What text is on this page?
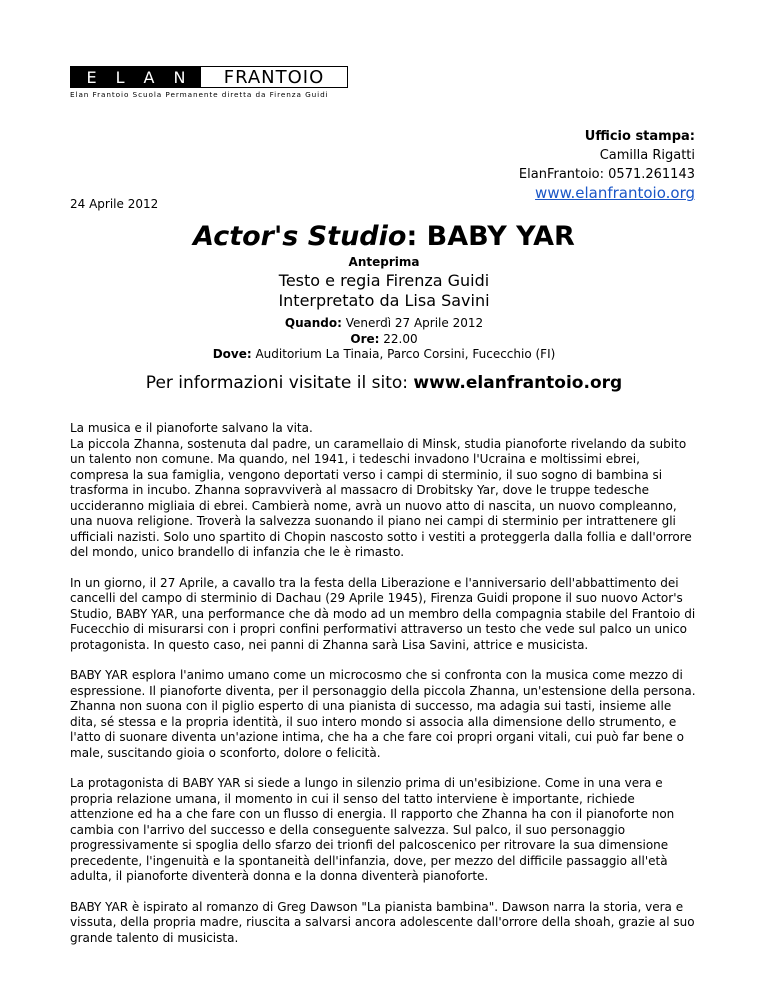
E L A N	FRANTOIO
Elan Frantoio Scuola Permanente diretta da Firenza Guidi
Ufficio stampa:
Camilla Rigatti
ElanFrantoio: 0571.261143
www.elanfrantoio.org
24 Aprile 2012
Actor's Studio: BABY YAR
Anteprima
Testo e regia Firenza Guidi
Interpretato da Lisa Savini
Quando: Venerdì 27 Aprile 2012
Ore: 22.00
Dove: Auditorium La Tinaia, Parco Corsini, Fucecchio (FI)
Per informazioni visitate il sito: www.elanfrantoio.org

La musica e il pianoforte salvano la vita.
La piccola Zhanna, sostenuta dal padre, un caramellaio di Minsk, studia pianoforte rivelando da subito un talento non comune. Ma quando, nel 1941, i tedeschi invadono l'Ucraina e moltissimi ebrei, compresa la sua famiglia, vengono deportati verso i campi di sterminio, il suo sogno di bambina si trasforma in incubo. Zhanna sopravviverà al massacro di Drobitsky Yar, dove le truppe tedesche uccideranno migliaia di ebrei. Cambierà nome, avrà un nuovo atto di nascita, un nuovo compleanno, una nuova religione. Troverà la salvezza suonando il piano nei campi di sterminio per intrattenere gli ufficiali nazisti. Solo uno spartito di Chopin nascosto sotto i vestiti a proteggerla dalla follia e dall'orrore del mondo, unico brandello di infanzia che le è rimasto.

In un giorno, il 27 Aprile, a cavallo tra la festa della Liberazione e l'anniversario dell'abbattimento dei cancelli del campo di sterminio di Dachau (29 Aprile 1945), Firenza Guidi propone il suo nuovo Actor's Studio, BABY YAR, una performance che dà modo ad un membro della compagnia stabile del Frantoio di Fucecchio di misurarsi con i propri confini performativi attraverso un testo che vede sul palco un unico protagonista. In questo caso, nei panni di Zhanna sarà Lisa Savini, attrice e musicista.

BABY YAR esplora l'animo umano come un microcosmo che si confronta con la musica come mezzo di espressione. Il pianoforte diventa, per il personaggio della piccola Zhanna, un'estensione della persona. Zhanna non suona con il piglio esperto di una pianista di successo, ma adagia sui tasti, insieme alle dita, sé stessa e la propria identità, il suo intero mondo si associa alla dimensione dello strumento, e l'atto di suonare diventa un'azione intima, che ha a che fare coi propri organi vitali, cui può far bene o male, suscitando gioia o sconforto, dolore o felicità.

La protagonista di BABY YAR si siede a lungo in silenzio prima di un'esibizione. Come in una vera e propria relazione umana, il momento in cui il senso del tatto interviene è importante, richiede attenzione ed ha a che fare con un flusso di energia. Il rapporto che Zhanna ha con il pianoforte non cambia con l'arrivo del successo e della conseguente salvezza. Sul palco, il suo personaggio progressivamente si spoglia dello sfarzo dei trionfi del palcoscenico per ritrovare la sua dimensione precedente, l'ingenuità e la spontaneità dell'infanzia, dove, per mezzo del difficile passaggio all'età adulta, il pianoforte diventerà donna e la donna diventerà pianoforte.

BABY YAR è ispirato al romanzo di Greg Dawson "La pianista bambina". Dawson narra la storia, vera e vissuta, della propria madre, riuscita a salvarsi ancora adolescente dall'orrore della shoah, grazie al suo grande talento di musicista.
